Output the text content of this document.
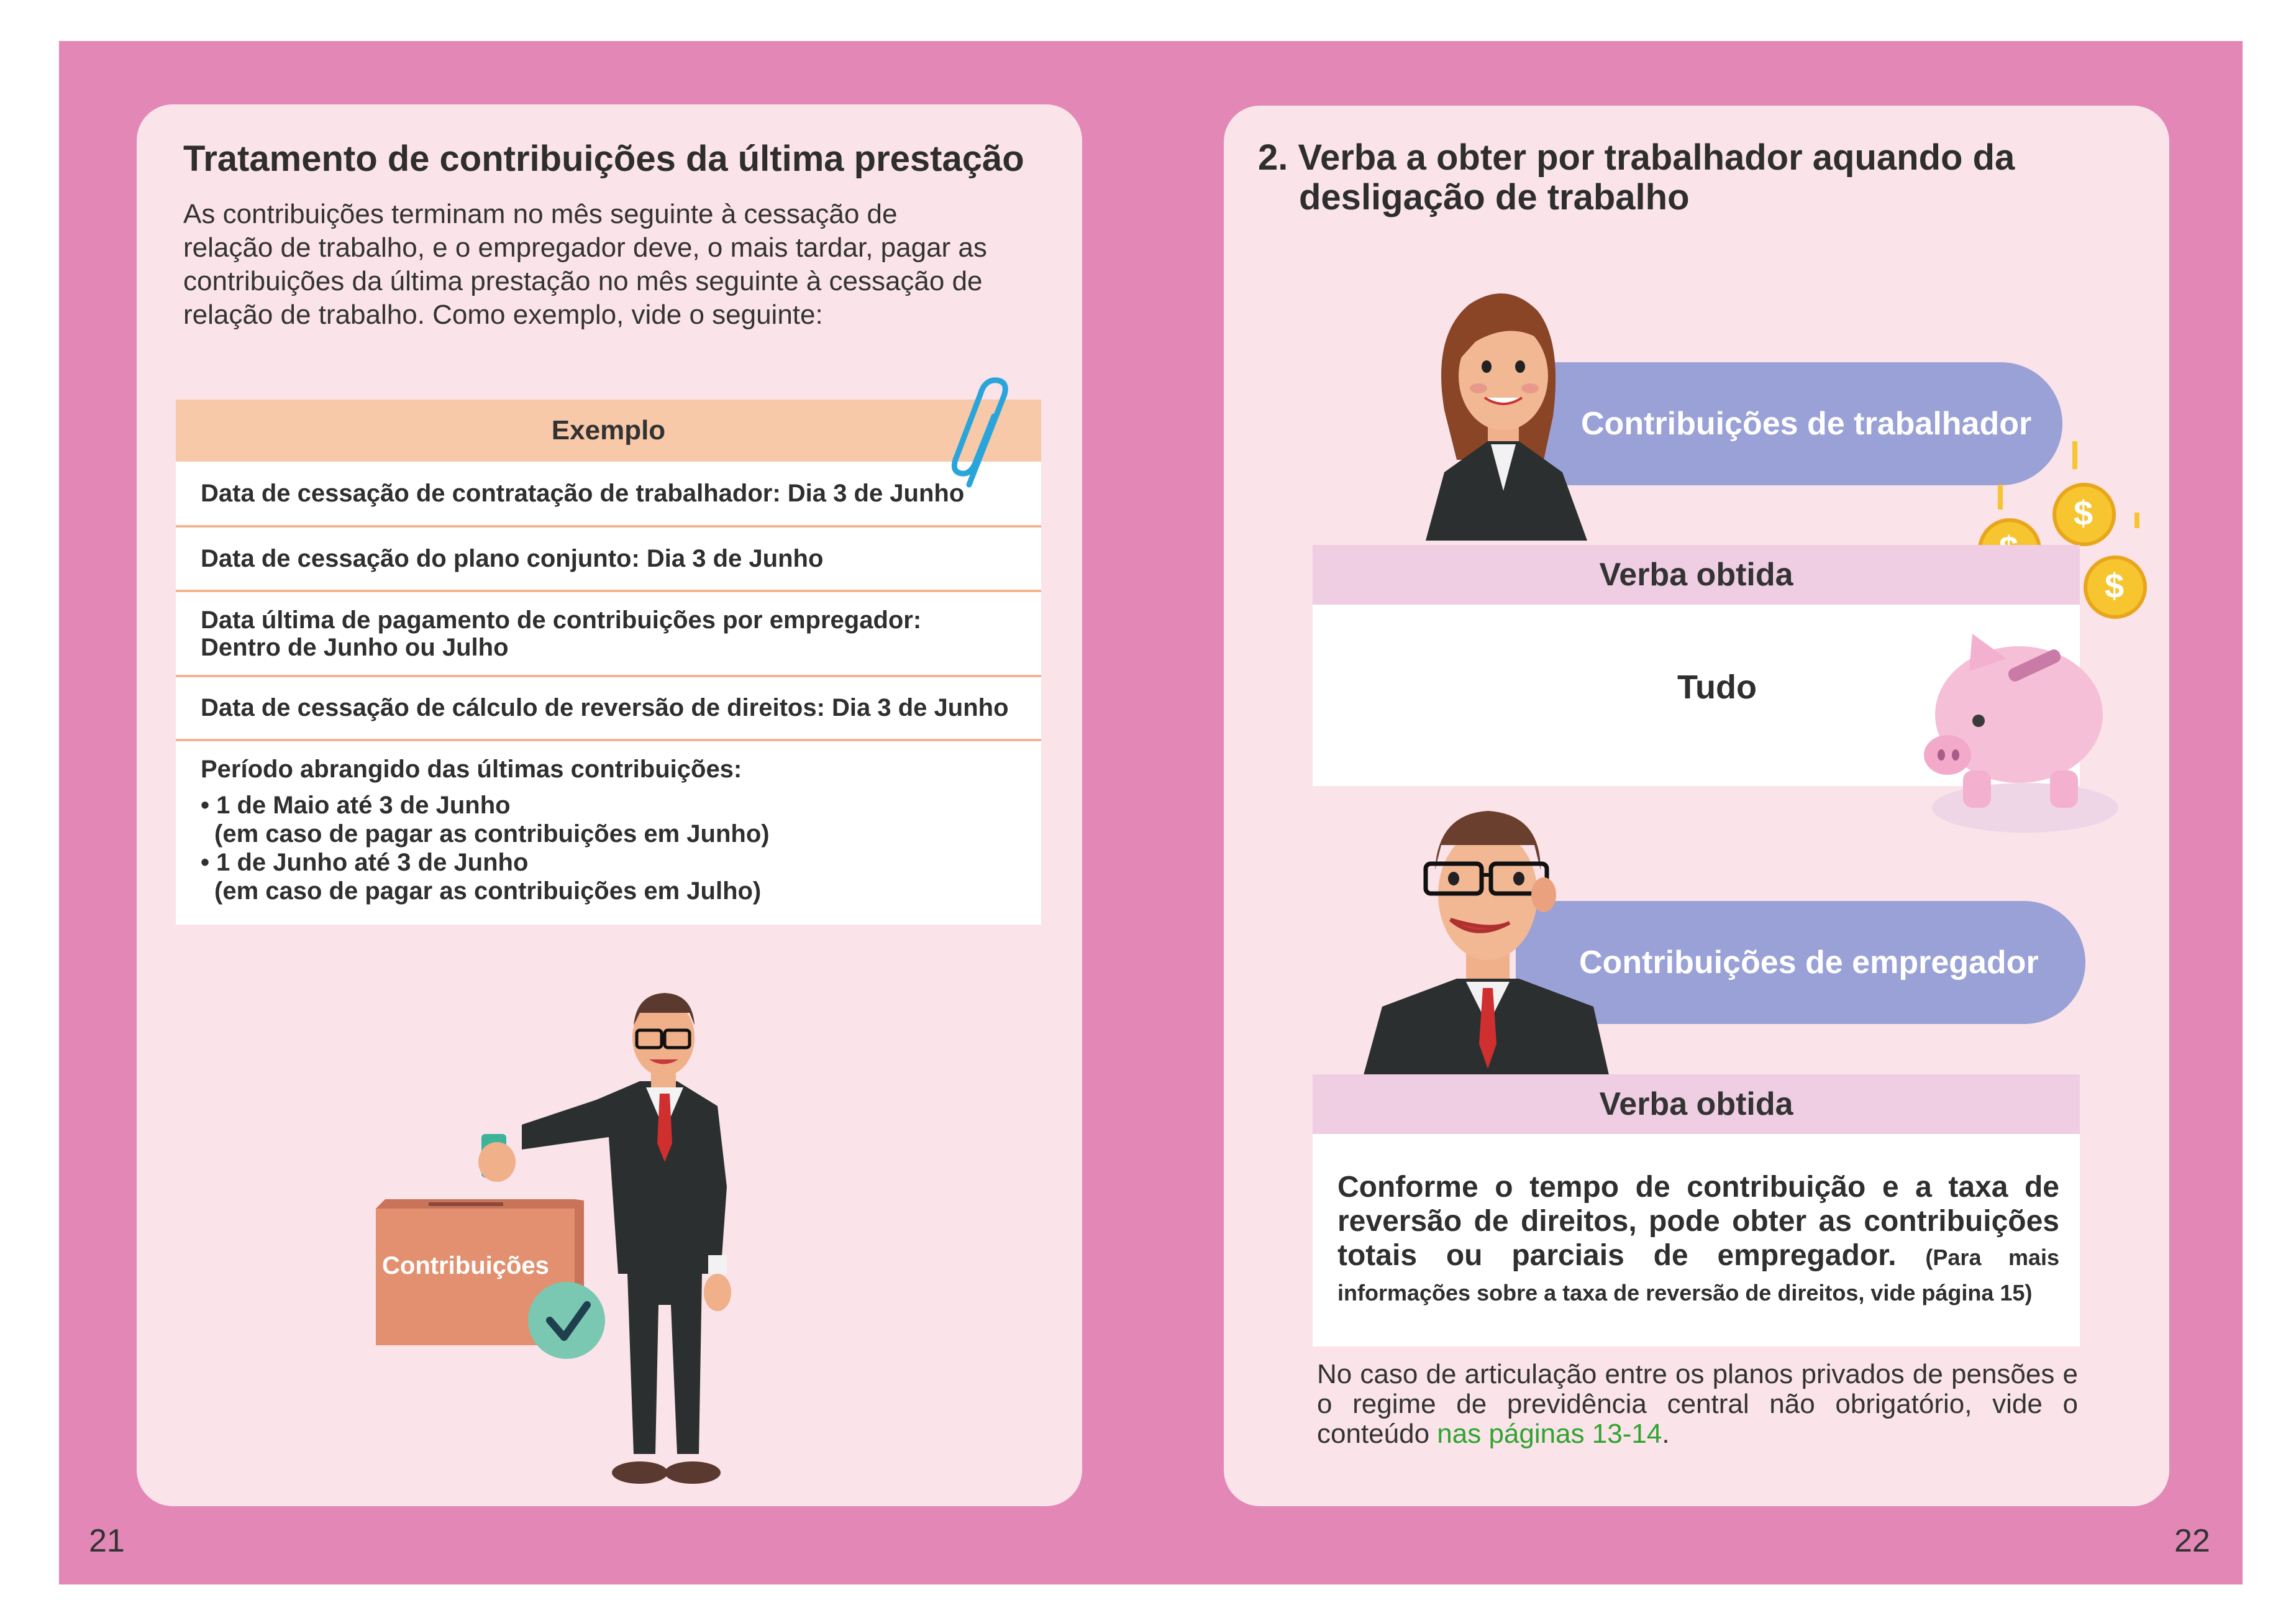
Tratamento de contribuições da última prestação
As contribuições terminam no mês seguinte à cessação de
relação de trabalho, e o empregador deve, o mais tardar, pagar as
contribuições da última prestação no mês seguinte à cessação de
relação de trabalho. Como exemplo, vide o seguinte:
Exemplo
Data de cessação de contratação de trabalhador: Dia 3 de Junho
Data de cessação do plano conjunto: Dia 3 de Junho
Data última de pagamento de contribuições por empregador:
Dentro de Junho ou Julho
Data de cessação de cálculo de reversão de direitos: Dia 3 de Junho
Período abrangido das últimas contribuições:
• 1 de Maio até 3 de Junho
(em caso de pagar as contribuições em Junho)
• 1 de Junho até 3 de Junho
(em caso de pagar as contribuições em Julho)
Contribuições
21
2. Verba a obter por trabalhador aquando da
desligação de trabalho
Contribuições de trabalhador
$
$
Verba obtida
Tudo
Contribuições de empregador
Verba obtida
Conforme o tempo de contribuição e a taxa de reversão de direitos, pode obter as contribuições totais ou parciais de empregador. (Para mais informações sobre a taxa de reversão de direitos, vide página 15)
No caso de articulação entre os planos privados de pensões e o regime de previdência central não obrigatório, vide o conteúdo nas páginas 13-14.
22
